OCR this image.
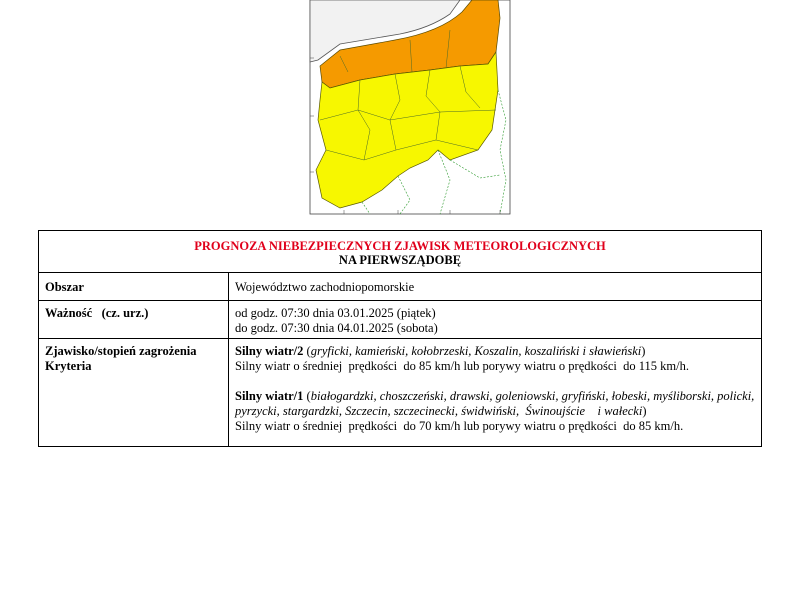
PROGNOZA NIEBEZPIECZNYCH ZJAWISK METEOROLOGICZNYCH
NA PIERWSZĄDOBĘ
Obszar	Województwo zachodniopomorskie
Ważność   (cz. urz.)	od godz. 07:30 dnia 03.01.2025 (piątek)
do godz. 07:30 dnia 04.01.2025 (sobota)
Zjawisko/stopień zagrożenia
Kryteria
Silny wiatr/2 (gryficki, kamieński, kołobrzeski, Koszalin, koszaliński i sławieński)
Silny wiatr o średniej  prędkości  do 85 km/h lub porywy wiatru o prędkości  do 115 km/h.
Silny wiatr/1 (białogardzki, choszczeński, drawski, goleniowski, gryfiński, łobeski, myśliborski, policki, pyrzycki, stargardzki, Szczecin, szczecinecki, świdwiński,  Świnoujście    i wałecki)
Silny wiatr o średniej  prędkości  do 70 km/h lub porywy wiatru o prędkości  do 85 km/h.
